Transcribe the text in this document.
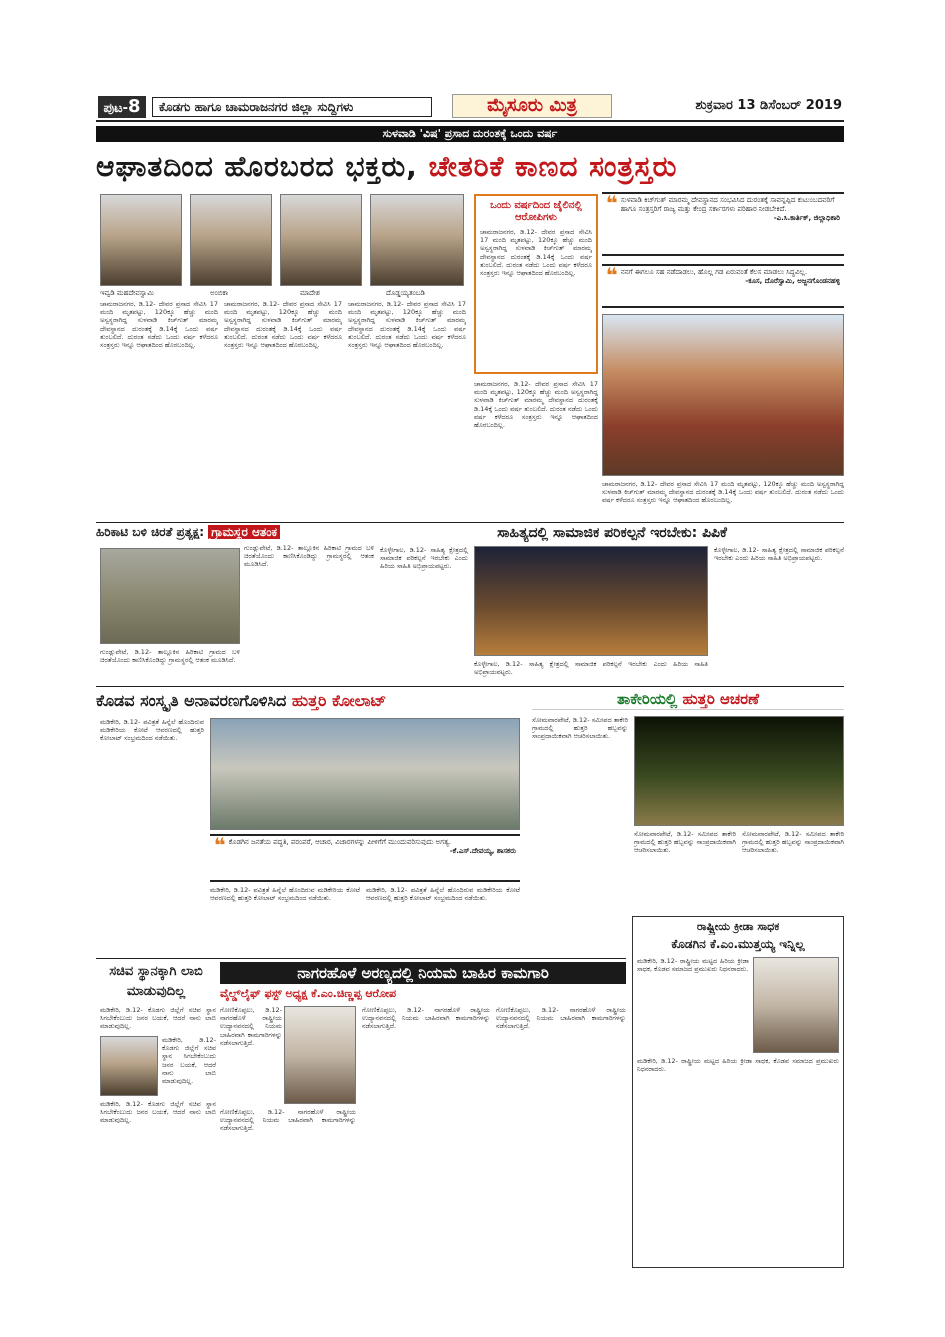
ಪುಟ-8	ಕೊಡಗು ಹಾಗೂ ಚಾಮರಾಜನಗರ ಜಿಲ್ಲಾ ಸುದ್ದಿಗಳು	ಮೈಸೂರು ಮಿತ್ರ	ಶುಕ್ರವಾರ 13 ಡಿಸೆಂಬರ್ 2019
ಸುಳವಾಡಿ 'ವಿಷ' ಪ್ರಸಾದ ದುರಂತಕ್ಕೆ ಒಂದು ವರ್ಷ
ಆಘಾತದಿಂದ ಹೊರಬರದ ಭಕ್ತರು, ಚೇತರಿಕೆ ಕಾಣದ ಸಂತ್ರಸ್ತರು
ಇವ್ವಡಿ ಮಹದೇವಸ್ವಾಮಿ	ಅಂಬಿಕಾ	ಮಾದೇಶ	ದೊಡ್ಡಯ್ಯತಂಬಡಿ
ಚಾಮರಾಜನಗರ, ಡಿ.12- ದೇವರ ಪ್ರಸಾದ ಸೇವಿಸಿ 17 ಮಂದಿ ಮೃತಪಟ್ಟು, 120ಕ್ಕೂ ಹೆಚ್ಚು ಮಂದಿ ಅಸ್ವಸ್ಥರಾಗಿದ್ದ ಸುಳವಾಡಿ ಕಿಚ್‌ಗುತ್ ಮಾರಮ್ಮ ದೇವಸ್ಥಾನದ ದುರಂತಕ್ಕೆ ಡಿ.14ಕ್ಕೆ ಒಂದು ವರ್ಷ ತುಂಬಲಿದೆ. ದುರಂತ ನಡೆದು ಒಂದು ವರ್ಷ ಕಳೆದರೂ ಸಂತ್ರಸ್ತರು ಇನ್ನೂ ಆಘಾತದಿಂದ ಹೊರಬಂದಿಲ್ಲ.
ಚಾಮರಾಜನಗರ, ಡಿ.12- ದೇವರ ಪ್ರಸಾದ ಸೇವಿಸಿ 17 ಮಂದಿ ಮೃತಪಟ್ಟು, 120ಕ್ಕೂ ಹೆಚ್ಚು ಮಂದಿ ಅಸ್ವಸ್ಥರಾಗಿದ್ದ ಸುಳವಾಡಿ ಕಿಚ್‌ಗುತ್ ಮಾರಮ್ಮ ದೇವಸ್ಥಾನದ ದುರಂತಕ್ಕೆ ಡಿ.14ಕ್ಕೆ ಒಂದು ವರ್ಷ ತುಂಬಲಿದೆ. ದುರಂತ ನಡೆದು ಒಂದು ವರ್ಷ ಕಳೆದರೂ ಸಂತ್ರಸ್ತರು ಇನ್ನೂ ಆಘಾತದಿಂದ ಹೊರಬಂದಿಲ್ಲ.
ಚಾಮರಾಜನಗರ, ಡಿ.12- ದೇವರ ಪ್ರಸಾದ ಸೇವಿಸಿ 17 ಮಂದಿ ಮೃತಪಟ್ಟು, 120ಕ್ಕೂ ಹೆಚ್ಚು ಮಂದಿ ಅಸ್ವಸ್ಥರಾಗಿದ್ದ ಸುಳವಾಡಿ ಕಿಚ್‌ಗುತ್ ಮಾರಮ್ಮ ದೇವಸ್ಥಾನದ ದುರಂತಕ್ಕೆ ಡಿ.14ಕ್ಕೆ ಒಂದು ವರ್ಷ ತುಂಬಲಿದೆ. ದುರಂತ ನಡೆದು ಒಂದು ವರ್ಷ ಕಳೆದರೂ ಸಂತ್ರಸ್ತರು ಇನ್ನೂ ಆಘಾತದಿಂದ ಹೊರಬಂದಿಲ್ಲ.
ಒಂದು ವರ್ಷದಿಂದ ಜೈಲಿನಲ್ಲಿ ಆರೋಪಿಗಳು
ಚಾಮರಾಜನಗರ, ಡಿ.12- ದೇವರ ಪ್ರಸಾದ ಸೇವಿಸಿ 17 ಮಂದಿ ಮೃತಪಟ್ಟು, 120ಕ್ಕೂ ಹೆಚ್ಚು ಮಂದಿ ಅಸ್ವಸ್ಥರಾಗಿದ್ದ ಸುಳವಾಡಿ ಕಿಚ್‌ಗುತ್ ಮಾರಮ್ಮ ದೇವಸ್ಥಾನದ ದುರಂತಕ್ಕೆ ಡಿ.14ಕ್ಕೆ ಒಂದು ವರ್ಷ ತುಂಬಲಿದೆ. ದುರಂತ ನಡೆದು ಒಂದು ವರ್ಷ ಕಳೆದರೂ ಸಂತ್ರಸ್ತರು ಇನ್ನೂ ಆಘಾತದಿಂದ ಹೊರಬಂದಿಲ್ಲ.
ಚಾಮರಾಜನಗರ, ಡಿ.12- ದೇವರ ಪ್ರಸಾದ ಸೇವಿಸಿ 17 ಮಂದಿ ಮೃತಪಟ್ಟು, 120ಕ್ಕೂ ಹೆಚ್ಚು ಮಂದಿ ಅಸ್ವಸ್ಥರಾಗಿದ್ದ ಸುಳವಾಡಿ ಕಿಚ್‌ಗುತ್ ಮಾರಮ್ಮ ದೇವಸ್ಥಾನದ ದುರಂತಕ್ಕೆ ಡಿ.14ಕ್ಕೆ ಒಂದು ವರ್ಷ ತುಂಬಲಿದೆ. ದುರಂತ ನಡೆದು ಒಂದು ವರ್ಷ ಕಳೆದರೂ ಸಂತ್ರಸ್ತರು ಇನ್ನೂ ಆಘಾತದಿಂದ ಹೊರಬಂದಿಲ್ಲ.
❝ ಸುಳವಾಡಿ ಕಿಚ್‌ಗುತ್ ಮಾರಮ್ಮ ದೇವಸ್ಥಾನದ ಸಂಭವಿಸಿದ ದುರಂತಕ್ಕೆ ಸಾವನ್ನಪ್ಪಿದ ಕುಟುಂಬದವರಿಗೆ ಹಾಗೂ ಸಂತ್ರಸ್ತರಿಗೆ ರಾಜ್ಯ ಮತ್ತು ಕೇಂದ್ರ ಸರ್ಕಾರಗಳು ಪರಿಹಾರ ನೀಡಬೇಕಿದೆ.
-ಎ.ಸಿ.ಕಾರ್ತಿಕ್, ಜಿಲ್ಲಾಧಿಕಾರಿ
❝ ನನಗೆ ಈಗಲೂ ಸಹ ನಡೆದಾಡಲು, ಹೊಲ್ಲ ಗಡ ಏರುವಂತೆ ಕೆಲಸ ಮಾಡಲು ಸಿದ್ಧವಿಲ್ಲ.
-ಕೂಸ, ದೊರೆಸ್ವಾಮಿ, ಅಜ್ಜನಗೊಂಡನಹಳ್ಳಿ
ಚಾಮರಾಜನಗರ, ಡಿ.12- ದೇವರ ಪ್ರಸಾದ ಸೇವಿಸಿ 17 ಮಂದಿ ಮೃತಪಟ್ಟು, 120ಕ್ಕೂ ಹೆಚ್ಚು ಮಂದಿ ಅಸ್ವಸ್ಥರಾಗಿದ್ದ ಸುಳವಾಡಿ ಕಿಚ್‌ಗುತ್ ಮಾರಮ್ಮ ದೇವಸ್ಥಾನದ ದುರಂತಕ್ಕೆ ಡಿ.14ಕ್ಕೆ ಒಂದು ವರ್ಷ ತುಂಬಲಿದೆ. ದುರಂತ ನಡೆದು ಒಂದು ವರ್ಷ ಕಳೆದರೂ ಸಂತ್ರಸ್ತರು ಇನ್ನೂ ಆಘಾತದಿಂದ ಹೊರಬಂದಿಲ್ಲ.
ಹಿರಿಕಾಟಿ ಬಳಿ ಚಿರತೆ ಪ್ರತ್ಯಕ್ಷ: ಗ್ರಾಮಸ್ಥರ ಆತಂಕ
ಗುಂಡ್ಲುಪೇಟೆ, ಡಿ.12- ತಾಲ್ಲೂಕಿನ ಹಿರಿಕಾಟಿ ಗ್ರಾಮದ ಬಳಿ ಚಿರತೆಯೊಂದು ಕಾಣಿಸಿಕೊಂಡಿದ್ದು ಗ್ರಾಮಸ್ಥರಲ್ಲಿ ಆತಂಕ ಮೂಡಿಸಿದೆ.
ಗುಂಡ್ಲುಪೇಟೆ, ಡಿ.12- ತಾಲ್ಲೂಕಿನ ಹಿರಿಕಾಟಿ ಗ್ರಾಮದ ಬಳಿ ಚಿರತೆಯೊಂದು ಕಾಣಿಸಿಕೊಂಡಿದ್ದು ಗ್ರಾಮಸ್ಥರಲ್ಲಿ ಆತಂಕ ಮೂಡಿಸಿದೆ.
ಸಾಹಿತ್ಯದಲ್ಲಿ ಸಾಮಾಜಿಕ ಪರಿಕಲ್ಪನೆ ಇರಬೇಕು: ಪಿಪಿಕೆ
ಕೊಳ್ಳೇಗಾಲ, ಡಿ.12- ಸಾಹಿತ್ಯ ಕ್ಷೇತ್ರದಲ್ಲಿ ಸಾಮಾಜಿಕ ಪರಿಕಲ್ಪನೆ ಇರಬೇಕು ಎಂದು ಹಿರಿಯ ಸಾಹಿತಿ ಅಭಿಪ್ರಾಯಪಟ್ಟರು.
ಕೊಳ್ಳೇಗಾಲ, ಡಿ.12- ಸಾಹಿತ್ಯ ಕ್ಷೇತ್ರದಲ್ಲಿ ಸಾಮಾಜಿಕ ಪರಿಕಲ್ಪನೆ ಇರಬೇಕು ಎಂದು ಹಿರಿಯ ಸಾಹಿತಿ ಅಭಿಪ್ರಾಯಪಟ್ಟರು.
ಕೊಳ್ಳೇಗಾಲ, ಡಿ.12- ಸಾಹಿತ್ಯ ಕ್ಷೇತ್ರದಲ್ಲಿ ಸಾಮಾಜಿಕ ಪರಿಕಲ್ಪನೆ ಇರಬೇಕು ಎಂದು ಹಿರಿಯ ಸಾಹಿತಿ ಅಭಿಪ್ರಾಯಪಟ್ಟರು.
ಕೊಡವ ಸಂಸ್ಕೃತಿ ಅನಾವರಣಗೊಳಿಸಿದ ಹುತ್ತರಿ ಕೋಲಾಟ್
ಮಡಿಕೇರಿ, ಡಿ.12- ಪವಿತ್ರತೆ ಹಿನ್ನೆಲೆ ಹೊಂದಿರುವ ಮಡಿಕೇರಿಯ ಕೋಟೆ ಆವರಣದಲ್ಲಿ ಹುತ್ತರಿ ಕೋಲಾಟ್ ಸಂಭ್ರಮದಿಂದ ನಡೆಯಿತು.
❝ ಕೊಡಗಿನ ಜನತೆಯ ಪದ್ಧತಿ, ಪರಂಪರೆ, ಆಚಾರ, ವಿಚಾರಗಳನ್ನು ಪೀಳಿಗೆಗೆ ಮುಂದುವರಿಸುವುದು ಅಗತ್ಯ.
-ಕೆ.ಎಸ್.ದೇವಯ್ಯ, ಶಾಸಕರು
ಮಡಿಕೇರಿ, ಡಿ.12- ಪವಿತ್ರತೆ ಹಿನ್ನೆಲೆ ಹೊಂದಿರುವ ಮಡಿಕೇರಿಯ ಕೋಟೆ ಆವರಣದಲ್ಲಿ ಹುತ್ತರಿ ಕೋಲಾಟ್ ಸಂಭ್ರಮದಿಂದ ನಡೆಯಿತು.
ಮಡಿಕೇರಿ, ಡಿ.12- ಪವಿತ್ರತೆ ಹಿನ್ನೆಲೆ ಹೊಂದಿರುವ ಮಡಿಕೇರಿಯ ಕೋಟೆ ಆವರಣದಲ್ಲಿ ಹುತ್ತರಿ ಕೋಲಾಟ್ ಸಂಭ್ರಮದಿಂದ ನಡೆಯಿತು.
ತಾಕೇರಿಯಲ್ಲಿ ಹುತ್ತರಿ ಆಚರಣೆ
ಸೋಮವಾರಪೇಟೆ, ಡಿ.12- ಸಮೀಪದ ತಾಕೇರಿ ಗ್ರಾಮದಲ್ಲಿ ಹುತ್ತರಿ ಹಬ್ಬವನ್ನು ಸಾಂಪ್ರದಾಯಿಕವಾಗಿ ಆಚರಿಸಲಾಯಿತು.
ಸೋಮವಾರಪೇಟೆ, ಡಿ.12- ಸಮೀಪದ ತಾಕೇರಿ ಗ್ರಾಮದಲ್ಲಿ ಹುತ್ತರಿ ಹಬ್ಬವನ್ನು ಸಾಂಪ್ರದಾಯಿಕವಾಗಿ ಆಚರಿಸಲಾಯಿತು.
ಸೋಮವಾರಪೇಟೆ, ಡಿ.12- ಸಮೀಪದ ತಾಕೇರಿ ಗ್ರಾಮದಲ್ಲಿ ಹುತ್ತರಿ ಹಬ್ಬವನ್ನು ಸಾಂಪ್ರದಾಯಿಕವಾಗಿ ಆಚರಿಸಲಾಯಿತು.
ಸಚಿವ ಸ್ಥಾನಕ್ಕಾಗಿ ಲಾಬಿ ಮಾಡುವುದಿಲ್ಲ
ಮಡಿಕೇರಿ, ಡಿ.12- ಕೊಡಗು ಜಿಲ್ಲೆಗೆ ಸಚಿವ ಸ್ಥಾನ ಸಿಗಬೇಕೆಂಬುದು ಜನರ ಬಯಕೆ, ಆದರೆ ನಾನು ಲಾಬಿ ಮಾಡುವುದಿಲ್ಲ.
ಮಡಿಕೇರಿ, ಡಿ.12- ಕೊಡಗು ಜಿಲ್ಲೆಗೆ ಸಚಿವ ಸ್ಥಾನ ಸಿಗಬೇಕೆಂಬುದು ಜನರ ಬಯಕೆ, ಆದರೆ ನಾನು ಲಾಬಿ ಮಾಡುವುದಿಲ್ಲ.
ಮಡಿಕೇರಿ, ಡಿ.12- ಕೊಡಗು ಜಿಲ್ಲೆಗೆ ಸಚಿವ ಸ್ಥಾನ ಸಿಗಬೇಕೆಂಬುದು ಜನರ ಬಯಕೆ, ಆದರೆ ನಾನು ಲಾಬಿ ಮಾಡುವುದಿಲ್ಲ.
ನಾಗರಹೊಳೆ ಅರಣ್ಯದಲ್ಲಿ ನಿಯಮ ಬಾಹಿರ ಕಾಮಗಾರಿ
ವೈಲ್ಡ್‌ಲೈಫ್ ಫಸ್ಟ್ ಅಧ್ಯಕ್ಷ ಕೆ.ಎಂ.ಚಿಣ್ಣಪ್ಪ ಆರೋಪ
ಗೋಣಿಕೊಪ್ಪಲು, ಡಿ.12- ನಾಗರಹೊಳೆ ರಾಷ್ಟ್ರೀಯ ಉದ್ಯಾನವನದಲ್ಲಿ ನಿಯಮ ಬಾಹಿರವಾಗಿ ಕಾಮಗಾರಿಗಳನ್ನು ನಡೆಸಲಾಗುತ್ತಿದೆ.
ಗೋಣಿಕೊಪ್ಪಲು, ಡಿ.12- ನಾಗರಹೊಳೆ ರಾಷ್ಟ್ರೀಯ ಉದ್ಯಾನವನದಲ್ಲಿ ನಿಯಮ ಬಾಹಿರವಾಗಿ ಕಾಮಗಾರಿಗಳನ್ನು ನಡೆಸಲಾಗುತ್ತಿದೆ.
ಗೋಣಿಕೊಪ್ಪಲು, ಡಿ.12- ನಾಗರಹೊಳೆ ರಾಷ್ಟ್ರೀಯ ಉದ್ಯಾನವನದಲ್ಲಿ ನಿಯಮ ಬಾಹಿರವಾಗಿ ಕಾಮಗಾರಿಗಳನ್ನು ನಡೆಸಲಾಗುತ್ತಿದೆ.
ಗೋಣಿಕೊಪ್ಪಲು, ಡಿ.12- ನಾಗರಹೊಳೆ ರಾಷ್ಟ್ರೀಯ ಉದ್ಯಾನವನದಲ್ಲಿ ನಿಯಮ ಬಾಹಿರವಾಗಿ ಕಾಮಗಾರಿಗಳನ್ನು ನಡೆಸಲಾಗುತ್ತಿದೆ.
ರಾಷ್ಟ್ರೀಯ ಕ್ರೀಡಾ ಸಾಧಕ
ಕೊಡಗಿನ ಕೆ.ಎಂ.ಮುತ್ತಯ್ಯ ಇನ್ನಿಲ್ಲ
ಮಡಿಕೇರಿ, ಡಿ.12- ರಾಷ್ಟ್ರೀಯ ಮಟ್ಟದ ಹಿರಿಯ ಕ್ರೀಡಾ ಸಾಧಕ, ಕೊಡವ ಸಮಾಜದ ಪ್ರಮುಖರು ನಿಧನರಾದರು.
ಮಡಿಕೇರಿ, ಡಿ.12- ರಾಷ್ಟ್ರೀಯ ಮಟ್ಟದ ಹಿರಿಯ ಕ್ರೀಡಾ ಸಾಧಕ, ಕೊಡವ ಸಮಾಜದ ಪ್ರಮುಖರು ನಿಧನರಾದರು.
